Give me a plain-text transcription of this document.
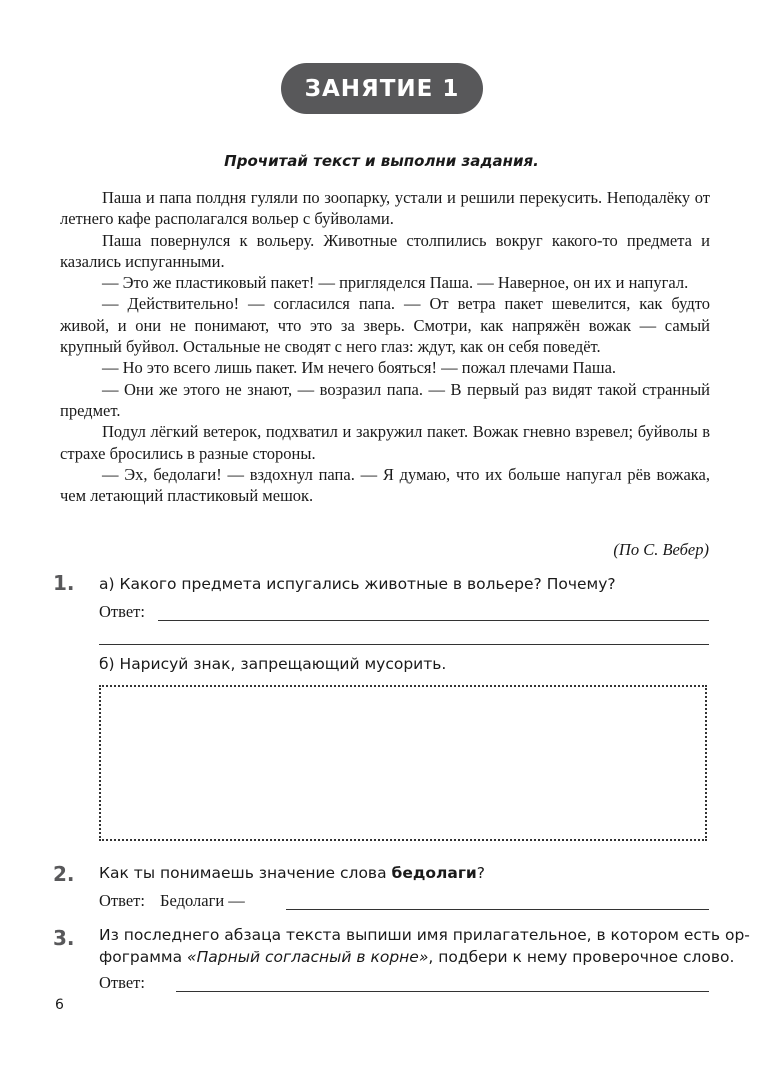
ЗАНЯТИЕ 1
Прочитай текст и выполни задания.

Паша и папа полдня гуляли по зоопарку, устали и решили перекусить. Неподалёку от летнего кафе располагался вольер с буйволами.

Паша повернулся к вольеру. Животные столпились вокруг какого-то предмета и казались испуганными.

— Это же пластиковый пакет! — пригляделся Паша. — Наверное, он их и напугал.

— Действительно! — согласился папа. — От ветра пакет шевелится, как будто живой, и они не понимают, что это за зверь. Смотри, как напряжён вожак — самый крупный буйвол. Остальные не сводят с него глаз: ждут, как он себя поведёт.

— Но это всего лишь пакет. Им нечего бояться! — пожал плечами Паша.

— Они же этого не знают, — возразил папа. — В первый раз видят такой странный предмет.

Подул лёгкий ветерок, подхватил и закружил пакет. Вожак гневно взревел; буйволы в страхе бросились в разные стороны.

— Эх, бедолаги! — вздохнул папа. — Я думаю, что их больше напугал рёв вожака, чем летающий пластиковый мешок.

(По С. Вебер)
1. а) Какого предмета испугались животные в вольере? Почему?
Ответ:
б) Нарисуй знак, запрещающий мусорить.
2. Как ты понимаешь значение слова бедолаги?
Ответ: Бедолаги —
3. Из последнего абзаца текста выпиши имя прилагательное, в котором есть ор-
фограмма «Парный согласный в корне», подбери к нему проверочное слово.
Ответ:
6
